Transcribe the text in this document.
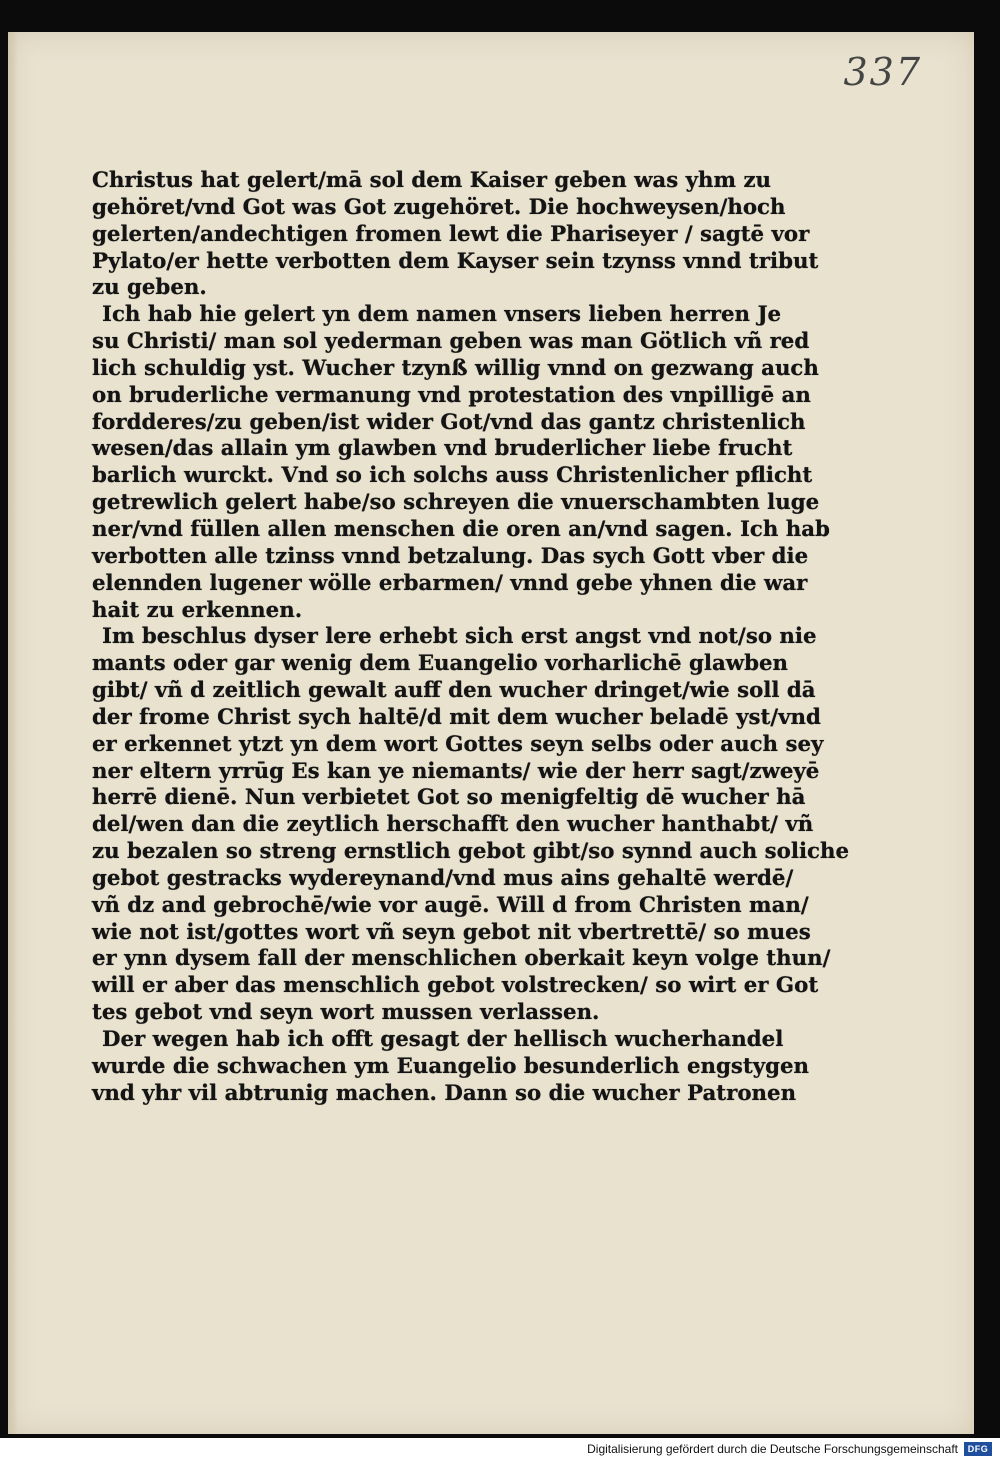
337
Christus hat gelert/mā sol dem Kaiser geben was yhm zu
gehöret/vnd Got was Got zugehöret. Die hochweysen/hoch
gelerten/andechtigen fromen lewt die Phariseyer / sagtē vor
Pylato/er hette verbotten dem Kayser sein tzynss vnnd tribut
zu geben.
Ich hab hie gelert yn dem namen vnsers lieben herren Je
su Christi/ man sol yederman geben was man Götlich vñ red
lich schuldig yst. Wucher tzynß willig vnnd on gezwang auch
on bruderliche vermanung vnd protestation des vnpilligē an
fordderes/zu geben/ist wider Got/vnd das gantz christenlich
wesen/das allain ym glawben vnd bruderlicher liebe frucht
barlich wurckt. Vnd so ich solchs auss Christenlicher pflicht
getrewlich gelert habe/so schreyen die vnuerschambten luge
ner/vnd füllen allen menschen die oren an/vnd sagen. Ich hab
verbotten alle tzinss vnnd betzalung. Das sych Gott vber die
elennden lugener wölle erbarmen/ vnnd gebe yhnen die war
hait zu erkennen.
Im beschlus dyser lere erhebt sich erst angst vnd not/so nie
mants oder gar wenig dem Euangelio vorharlichē glawben
gibt/ vñ d zeitlich gewalt auff den wucher dringet/wie soll dā
der frome Christ sych haltē/d mit dem wucher beladē yst/vnd
er erkennet ytzt yn dem wort Gottes seyn selbs oder auch sey
ner eltern yrrūg Es kan ye niemants/ wie der herr sagt/zweyē
herrē dienē. Nun verbietet Got so menigfeltig dē wucher hā
del/wen dan die zeytlich herschafft den wucher hanthabt/ vñ
zu bezalen so streng ernstlich gebot gibt/so synnd auch soliche
gebot gestracks wydereynand/vnd mus ains gehaltē werdē/
vñ dz and gebrochē/wie vor augē. Will d from Christen man/
wie not ist/gottes wort vñ seyn gebot nit vbertrettē/ so mues
er ynn dysem fall der menschlichen oberkait keyn volge thun/
will er aber das menschlich gebot volstrecken/ so wirt er Got
tes gebot vnd seyn wort mussen verlassen.
Der wegen hab ich offt gesagt der hellisch wucherhandel
wurde die schwachen ym Euangelio besunderlich engstygen
vnd yhr vil abtrunig machen. Dann so die wucher Patronen
Digitalisierung gefördert durch die Deutsche Forschungsgemeinschaft	DFG
